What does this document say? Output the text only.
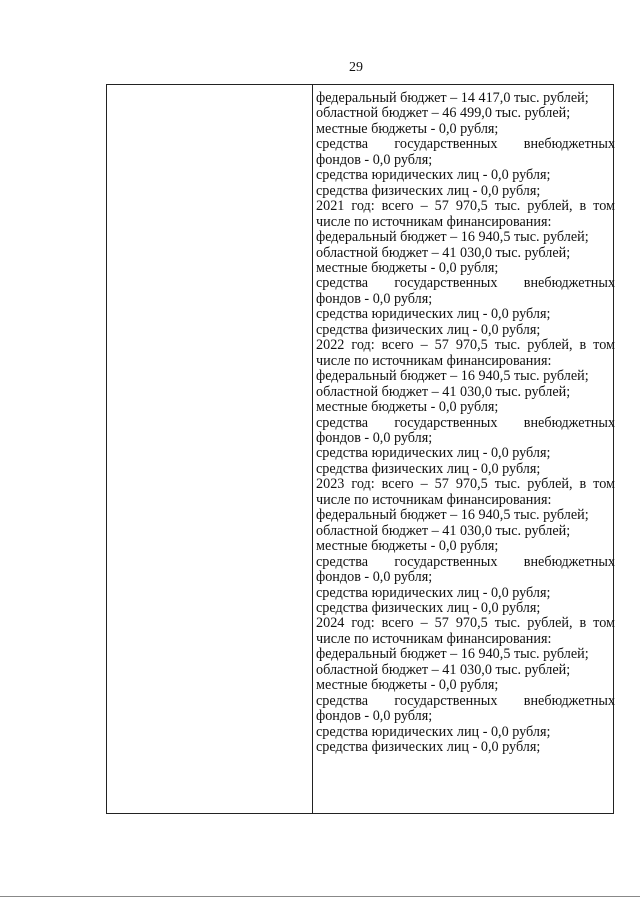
29
федеральный бюджет – 14 417,0 тыс. рублей;
областной бюджет – 46 499,0 тыс. рублей;
местные бюджеты - 0,0 рубля;
средства государственных внебюджетных
фондов - 0,0 рубля;
средства юридических лиц - 0,0 рубля;
средства физических лиц - 0,0 рубля;
2021 год: всего – 57 970,5 тыс. рублей, в том
числе по источникам финансирования:
федеральный бюджет – 16 940,5 тыс. рублей;
областной бюджет – 41 030,0 тыс. рублей;
местные бюджеты - 0,0 рубля;
средства государственных внебюджетных
фондов - 0,0 рубля;
средства юридических лиц - 0,0 рубля;
средства физических лиц - 0,0 рубля;
2022 год: всего – 57 970,5 тыс. рублей, в том
числе по источникам финансирования:
федеральный бюджет – 16 940,5 тыс. рублей;
областной бюджет – 41 030,0 тыс. рублей;
местные бюджеты - 0,0 рубля;
средства государственных внебюджетных
фондов - 0,0 рубля;
средства юридических лиц - 0,0 рубля;
средства физических лиц - 0,0 рубля;
2023 год: всего – 57 970,5 тыс. рублей, в том
числе по источникам финансирования:
федеральный бюджет – 16 940,5 тыс. рублей;
областной бюджет – 41 030,0 тыс. рублей;
местные бюджеты - 0,0 рубля;
средства государственных внебюджетных
фондов - 0,0 рубля;
средства юридических лиц - 0,0 рубля;
средства физических лиц - 0,0 рубля;
2024 год: всего – 57 970,5 тыс. рублей, в том
числе по источникам финансирования:
федеральный бюджет – 16 940,5 тыс. рублей;
областной бюджет – 41 030,0 тыс. рублей;
местные бюджеты - 0,0 рубля;
средства государственных внебюджетных
фондов - 0,0 рубля;
средства юридических лиц - 0,0 рубля;
средства физических лиц - 0,0 рубля;
